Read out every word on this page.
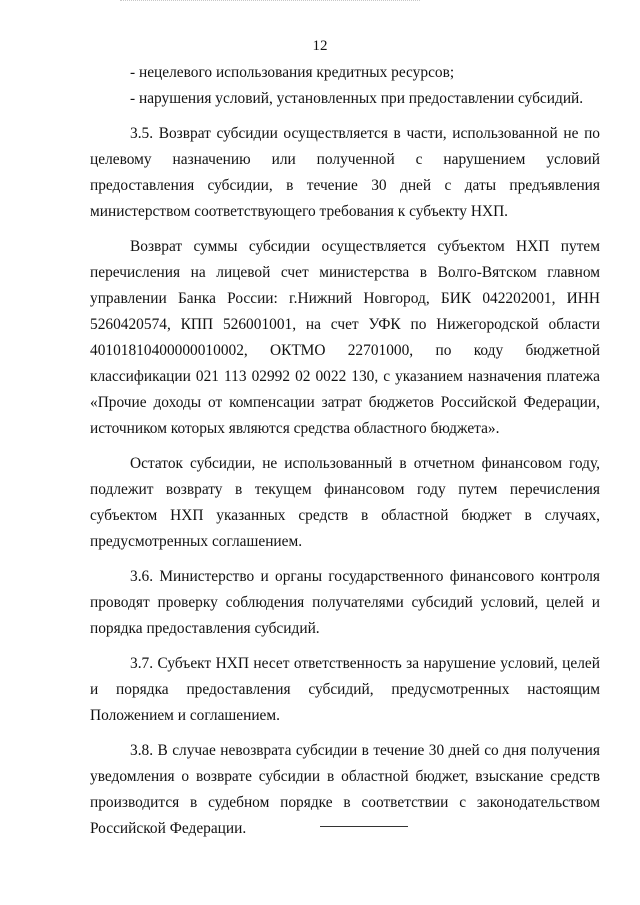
12

- нецелевого использования кредитных ресурсов;

- нарушения условий, установленных при предоставлении субсидий.

3.5. Возврат субсидии осуществляется в части, использованной не по целевому назначению или полученной с нарушением условий предоставления субсидии, в течение 30 дней с даты предъявления министерством соответствующего требования к субъекту НХП.

Возврат суммы субсидии осуществляется субъектом НХП путем перечисления на лицевой счет министерства в Волго-Вятском главном управлении Банка России: г.Нижний Новгород, БИК 042202001, ИНН 5260420574, КПП 526001001, на счет УФК по Нижегородской области 40101810400000010002, ОКТМО 22701000, по коду бюджетной классификации 021 113 02992 02 0022 130, с указанием назначения платежа «Прочие доходы от компенсации затрат бюджетов Российской Федерации, источником которых являются средства областного бюджета».

Остаток субсидии, не использованный в отчетном финансовом году, подлежит возврату в текущем финансовом году путем перечисления субъектом НХП указанных средств в областной бюджет в случаях, предусмотренных соглашением.

3.6. Министерство и органы государственного финансового контроля проводят проверку соблюдения получателями субсидий условий, целей и порядка предоставления субсидий.

3.7. Субъект НХП несет ответственность за нарушение условий, целей и порядка предоставления субсидий, предусмотренных настоящим Положением и соглашением.

3.8. В случае невозврата субсидии в течение 30 дней со дня получения уведомления о возврате субсидии в областной бюджет, взыскание средств производится в судебном порядке в соответствии с законодательством Российской Федерации.
